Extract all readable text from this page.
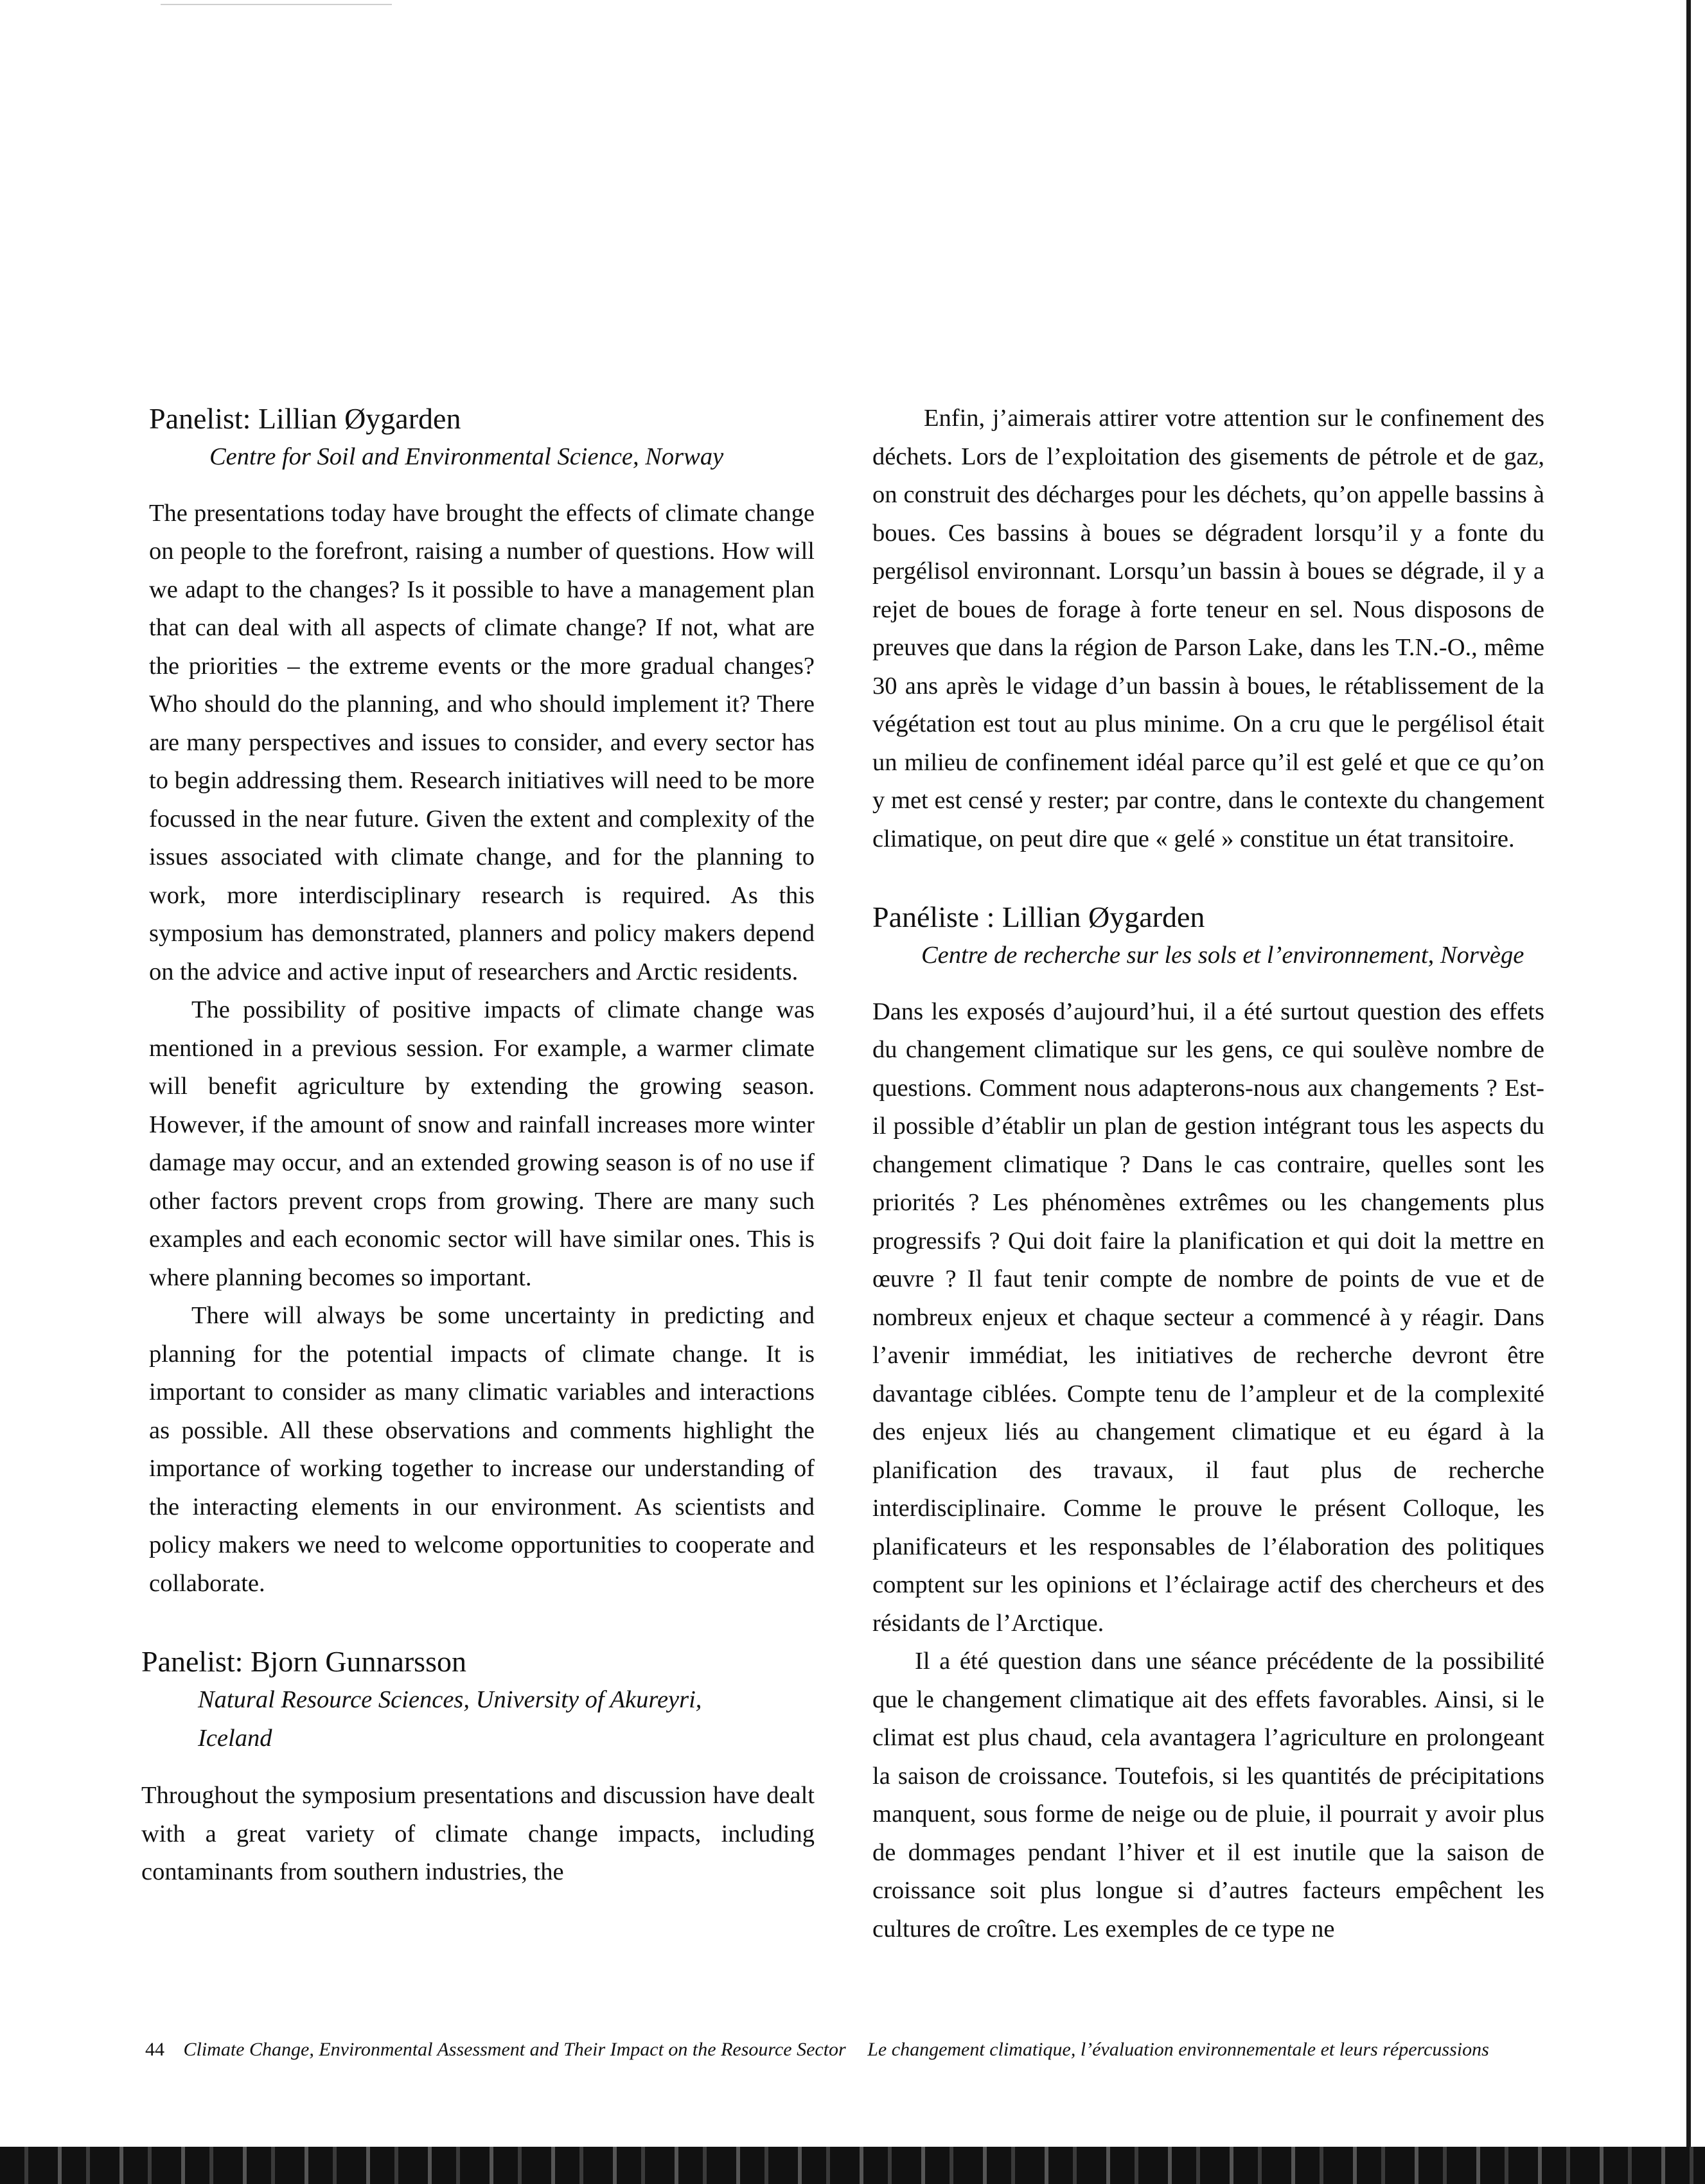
Panelist: Lillian Øygarden

Centre for Soil and Environmental Science, Norway

The presentations today have brought the effects of climate change on people to the forefront, raising a number of questions. How will we adapt to the changes? Is it possible to have a management plan that can deal with all aspects of climate change? If not, what are the priorities – the extreme events or the more gradual changes? Who should do the planning, and who should implement it? There are many perspectives and issues to consider, and every sector has to begin addressing them. Research initiatives will need to be more focussed in the near future. Given the extent and complexity of the issues associated with climate change, and for the planning to work, more interdisciplinary research is required. As this symposium has demonstrated, planners and policy makers depend on the advice and active input of researchers and Arctic residents.

The possibility of positive impacts of climate change was mentioned in a previous session. For example, a warmer climate will benefit agriculture by extending the growing season. However, if the amount of snow and rainfall increases more winter damage may occur, and an extended growing season is of no use if other factors prevent crops from growing. There are many such examples and each economic sector will have similar ones. This is where planning becomes so important.

There will always be some uncertainty in predicting and planning for the potential impacts of climate change. It is important to consider as many climatic variables and interactions as possible. All these observations and comments highlight the importance of working together to increase our understanding of the interacting elements in our environment. As scientists and policy makers we need to welcome opportunities to cooperate and collaborate.

Panelist: Bjorn Gunnarsson

Natural Resource Sciences, University of Akureyri,
Iceland

Throughout the symposium presentations and discussion have dealt with a great variety of climate change impacts, including contaminants from southern industries, the

Enfin, j’aimerais attirer votre attention sur le confinement des déchets. Lors de l’exploitation des gisements de pétrole et de gaz, on construit des décharges pour les déchets, qu’on appelle bassins à boues. Ces bassins à boues se dégradent lorsqu’il y a fonte du pergélisol environnant. Lorsqu’un bassin à boues se dégrade, il y a rejet de boues de forage à forte teneur en sel. Nous disposons de preuves que dans la région de Parson Lake, dans les T.N.-O., même 30 ans après le vidage d’un bassin à boues, le rétablissement de la végétation est tout au plus minime. On a cru que le pergélisol était un milieu de confinement idéal parce qu’il est gelé et que ce qu’on y met est censé y rester; par contre, dans le contexte du changement climatique, on peut dire que « gelé » constitue un état transitoire.

Panéliste : Lillian Øygarden

Centre de recherche sur les sols et l’environnement, Norvège

Dans les exposés d’aujourd’hui, il a été surtout question des effets du changement climatique sur les gens, ce qui soulève nombre de questions. Comment nous adapterons-nous aux changements ? Est-il possible d’établir un plan de gestion intégrant tous les aspects du changement climatique ? Dans le cas contraire, quelles sont les priorités ? Les phénomènes extrêmes ou les changements plus progressifs ? Qui doit faire la planification et qui doit la mettre en œuvre ? Il faut tenir compte de nombre de points de vue et de nombreux enjeux et chaque secteur a commencé à y réagir. Dans l’avenir immédiat, les initiatives de recherche devront être davantage ciblées. Compte tenu de l’ampleur et de la complexité des enjeux liés au changement climatique et eu égard à la planification des travaux, il faut plus de recherche interdisciplinaire. Comme le prouve le présent Colloque, les planificateurs et les responsables de l’élaboration des politiques comptent sur les opinions et l’éclairage actif des chercheurs et des résidants de l’Arctique.

Il a été question dans une séance précédente de la possibilité que le changement climatique ait des effets favorables. Ainsi, si le climat est plus chaud, cela avantagera l’agriculture en prolongeant la saison de croissance. Toutefois, si les quantités de précipitations manquent, sous forme de neige ou de pluie, il pourrait y avoir plus de dommages pendant l’hiver et il est inutile que la saison de croissance soit plus longue si d’autres facteurs empêchent les cultures de croître. Les exemples de ce type ne

44 Climate Change, Environmental Assessment and Their Impact on the Resource Sector Le changement climatique, l’évaluation environnementale et leurs répercussions
